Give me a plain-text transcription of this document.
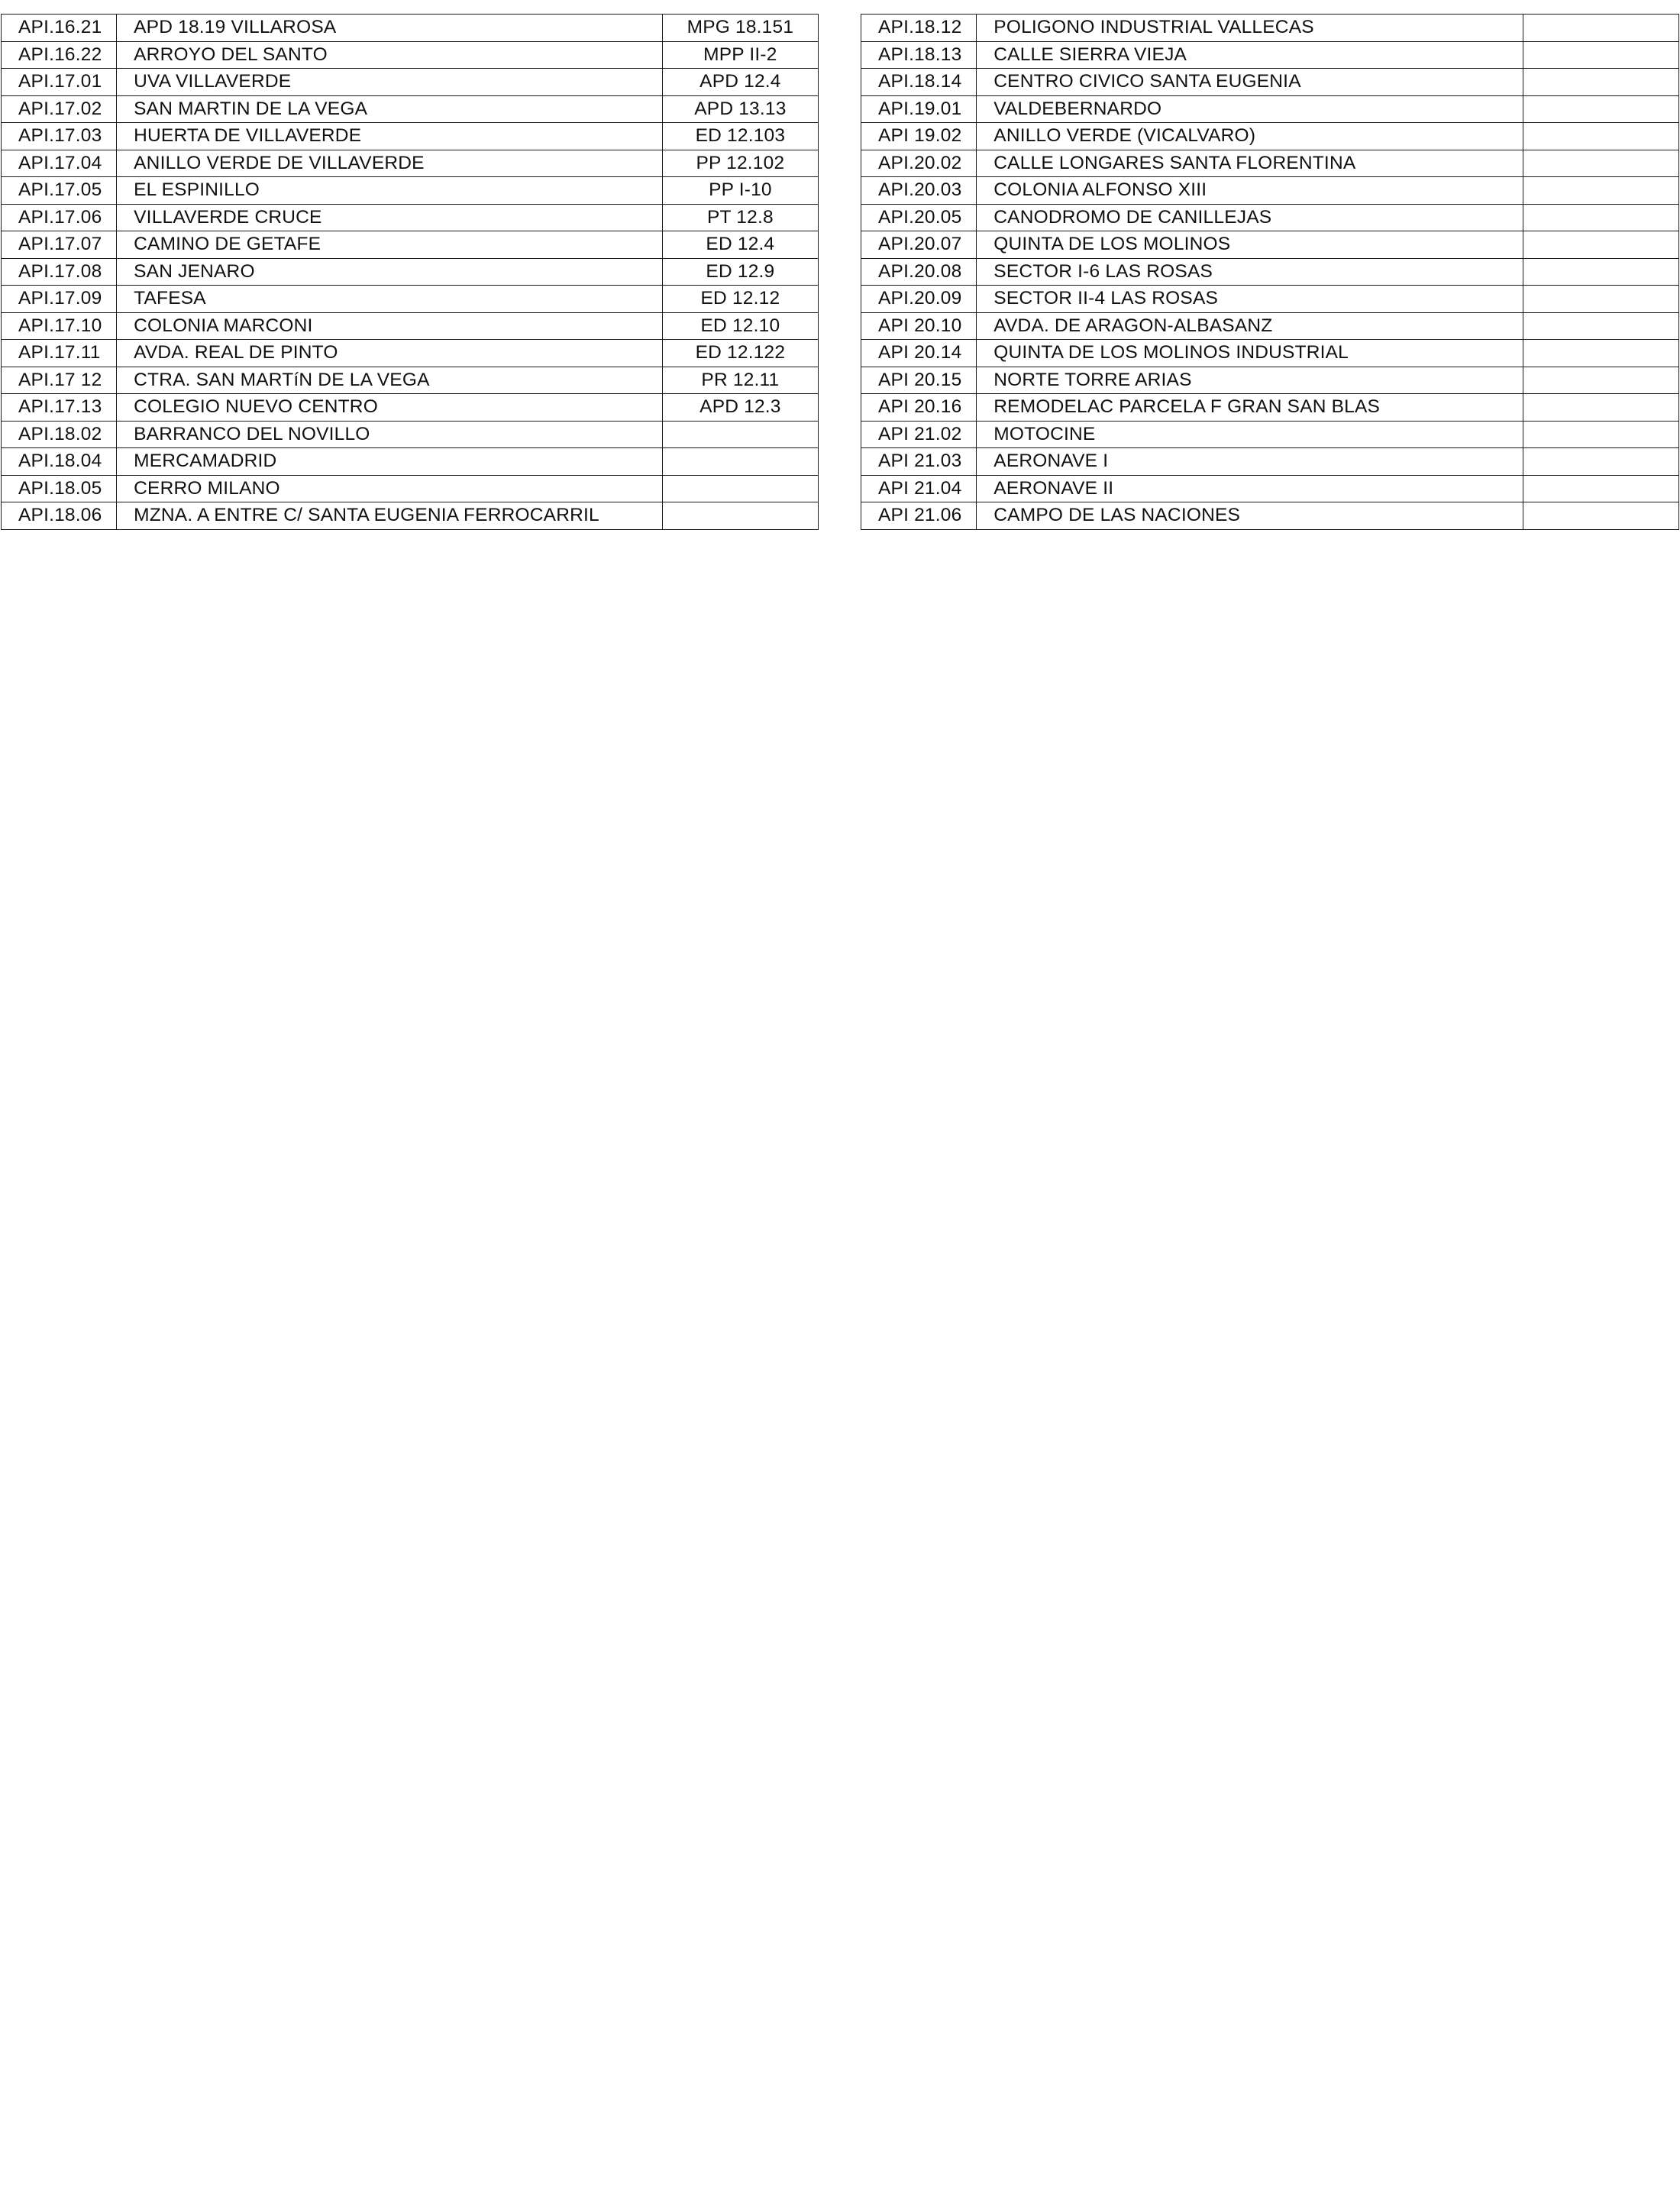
API.16.21	APD 18.19 VILLAROSA	MPG 18.151
API.16.22	ARROYO DEL SANTO	MPP II-2
API.17.01	UVA VILLAVERDE	APD 12.4
API.17.02	SAN MARTIN DE LA VEGA	APD 13.13
API.17.03	HUERTA DE VILLAVERDE	ED 12.103
API.17.04	ANILLO VERDE DE VILLAVERDE	PP 12.102
API.17.05	EL ESPINILLO	PP I-10
API.17.06	VILLAVERDE CRUCE	PT 12.8
API.17.07	CAMINO DE GETAFE	ED 12.4
API.17.08	SAN JENARO	ED 12.9
API.17.09	TAFESA	ED 12.12
API.17.10	COLONIA MARCONI	ED 12.10
API.17.11	AVDA. REAL DE PINTO	ED 12.122
API.17 12	CTRA. SAN MARTíN DE LA VEGA	PR 12.11
API.17.13	COLEGIO NUEVO CENTRO	APD 12.3
API.18.02	BARRANCO DEL NOVILLO	
API.18.04	MERCAMADRID	
API.18.05	CERRO MILANO	
API.18.06	MZNA. A ENTRE C/ SANTA EUGENIA FERROCARRIL	
API.18.12	POLIGONO INDUSTRIAL VALLECAS	
API.18.13	CALLE SIERRA VIEJA	
API.18.14	CENTRO CIVICO SANTA EUGENIA	
API.19.01	VALDEBERNARDO	
API 19.02	ANILLO VERDE (VICALVARO)	
API.20.02	CALLE LONGARES SANTA FLORENTINA	
API.20.03	COLONIA ALFONSO XIII	
API.20.05	CANODROMO DE CANILLEJAS	
API.20.07	QUINTA DE LOS MOLINOS	
API.20.08	SECTOR I-6 LAS ROSAS	
API.20.09	SECTOR II-4 LAS ROSAS	
API 20.10	AVDA. DE ARAGON-ALBASANZ	
API 20.14	QUINTA DE LOS MOLINOS INDUSTRIAL	
API 20.15	NORTE TORRE ARIAS	
API 20.16	REMODELAC PARCELA F GRAN SAN BLAS	
API 21.02	MOTOCINE	
API 21.03	AERONAVE I	
API 21.04	AERONAVE II	
API 21.06	CAMPO DE LAS NACIONES	
